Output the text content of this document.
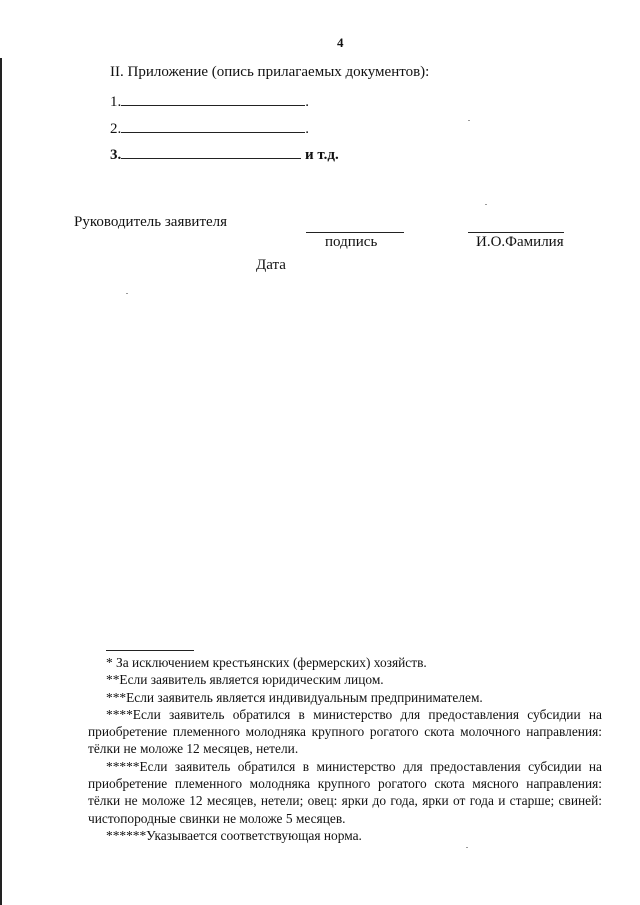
4
II. Приложение (опись прилагаемых документов):
1.	.
2.	.
3.	и т.д.
Руководитель заявителя
подпись	И.О.Фамилия
Дата

* За исключением крестьянских (фермерских) хозяйств.

**Если заявитель является юридическим лицом.

***Если заявитель является индивидуальным предпринимателем.

****Если заявитель обратился в министерство для предоставления субсидии на приобретение племенного молодняка крупного рогатого скота молочного направления: тёлки не моложе 12 месяцев, нетели.

*****Если заявитель обратился в министерство для предоставления субсидии на приобретение племенного молодняка крупного рогатого скота мясного направления: тёлки не моложе 12 месяцев, нетели; овец: ярки до года, ярки от года и старше; свиней: чистопородные свинки не моложе 5 месяцев.

******Указывается соответствующая норма.
